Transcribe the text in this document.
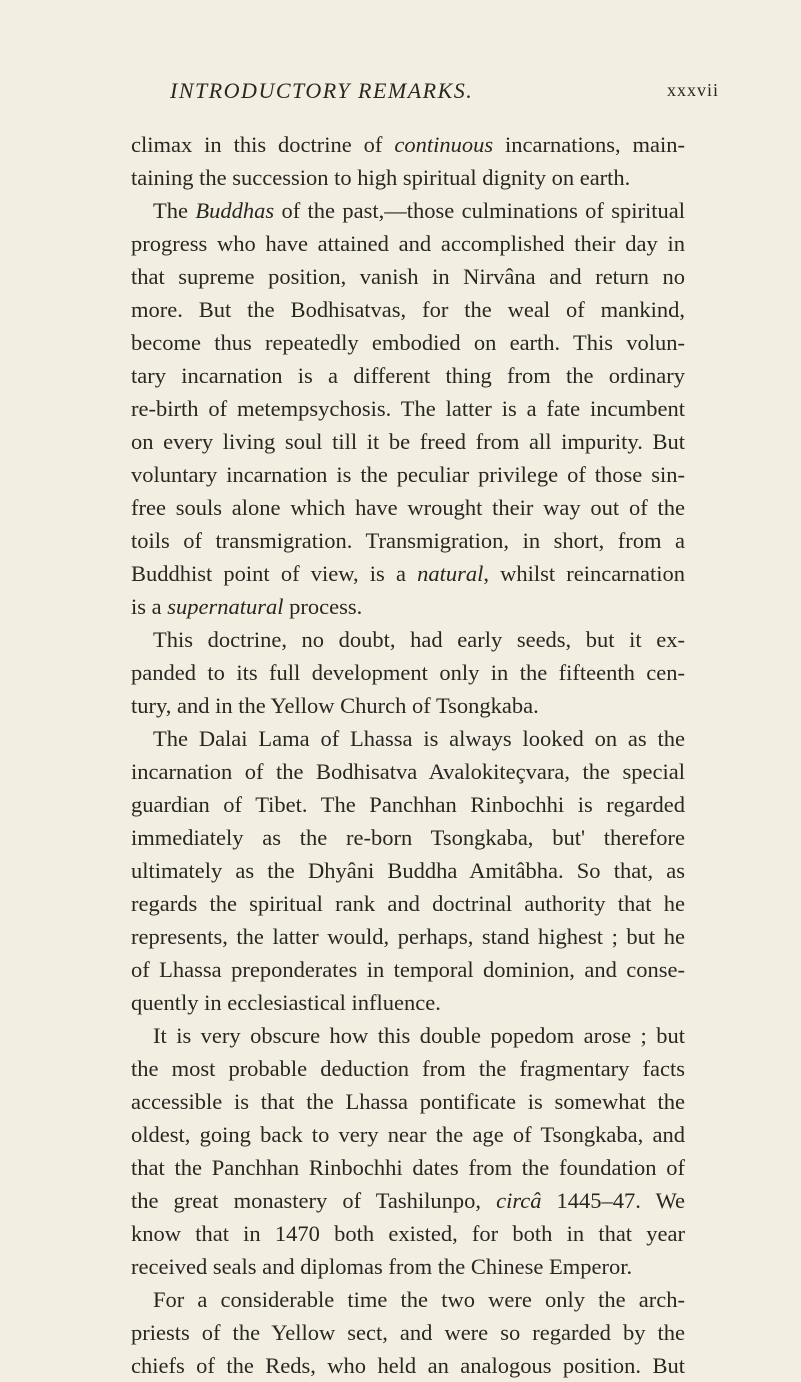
INTRODUCTORY REMARKS.	xxxvii
climax in this doctrine of continuous incarnations, main-
taining the succession to high spiritual dignity on earth.
The Buddhas of the past,—those culminations of spiritual
progress who have attained and accomplished their day in
that supreme position, vanish in Nirvâna and return no
more. But the Bodhisatvas, for the weal of mankind,
become thus repeatedly embodied on earth. This volun-
tary incarnation is a different thing from the ordinary
re-birth of metempsychosis. The latter is a fate incumbent
on every living soul till it be freed from all impurity. But
voluntary incarnation is the peculiar privilege of those sin-
free souls alone which have wrought their way out of the
toils of transmigration. Transmigration, in short, from a
Buddhist point of view, is a natural, whilst reincarnation
is a supernatural process.
This doctrine, no doubt, had early seeds, but it ex-
panded to its full development only in the fifteenth cen-
tury, and in the Yellow Church of Tsongkaba.
The Dalai Lama of Lhassa is always looked on as the
incarnation of the Bodhisatva Avalokiteçvara, the special
guardian of Tibet. The Panchhan Rinbochhi is regarded
immediately as the re-born Tsongkaba, but' therefore
ultimately as the Dhyâni Buddha Amitâbha. So that, as
regards the spiritual rank and doctrinal authority that he
represents, the latter would, perhaps, stand highest ; but he
of Lhassa preponderates in temporal dominion, and conse-
quently in ecclesiastical influence.
It is very obscure how this double popedom arose ; but
the most probable deduction from the fragmentary facts
accessible is that the Lhassa pontificate is somewhat the
oldest, going back to very near the age of Tsongkaba, and
that the Panchhan Rinbochhi dates from the foundation of
the great monastery of Tashilunpo, circâ 1445–47. We
know that in 1470 both existed, for both in that year
received seals and diplomas from the Chinese Emperor.
For a considerable time the two were only the arch-
priests of the Yellow sect, and were so regarded by the
chiefs of the Reds, who held an analogous position. But
